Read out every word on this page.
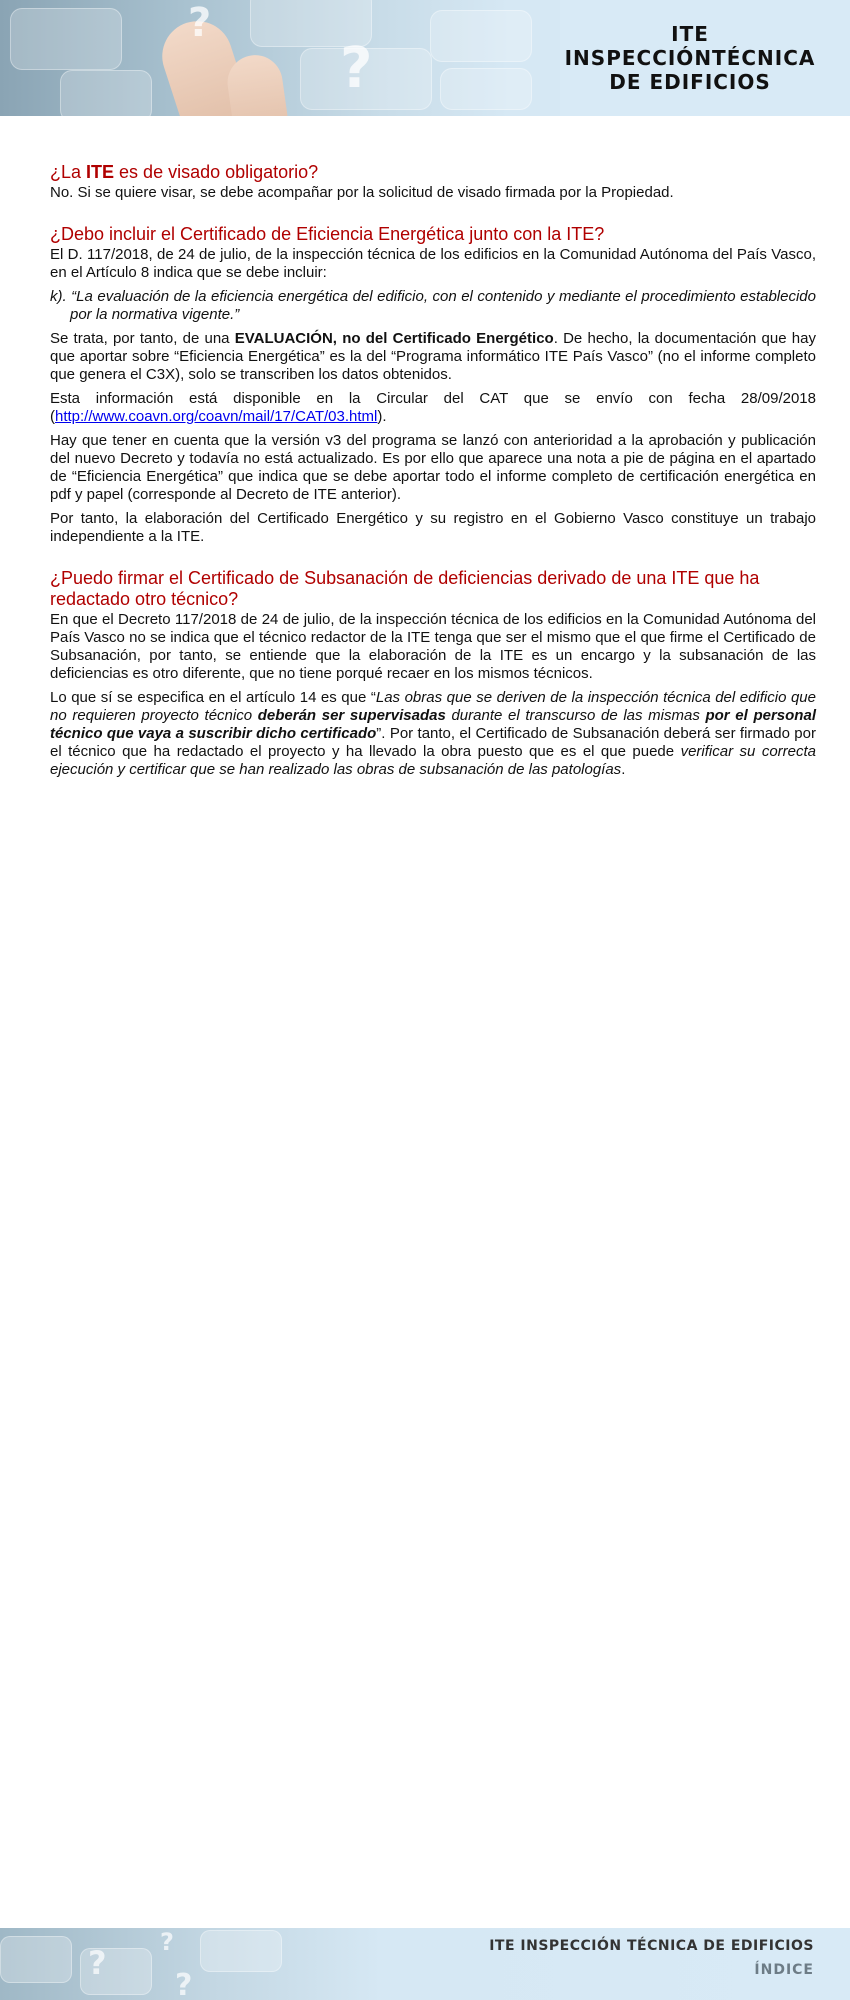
?
?
ITE
INSPECCIÓNTÉCNICA
DE EDIFICIOS
¿La ITE es de visado obligatorio?
No. Si se quiere visar, se debe acompañar por la solicitud de visado firmada por la Propiedad.
¿Debo incluir el Certificado de Eficiencia Energética junto con la ITE?
El D. 117/2018, de 24 de julio, de la inspección técnica de los edificios en la Comunidad Autónoma del País Vasco, en el Artículo 8 indica que se debe incluir:
k). “La evaluación de la eficiencia energética del edificio, con el contenido y mediante el procedimiento establecido por la normativa vigente.”
Se trata, por tanto, de una EVALUACIÓN, no del Certificado Energético. De hecho, la documentación que hay que aportar sobre “Eficiencia Energética” es la del “Programa informático ITE País Vasco” (no el informe completo que genera el C3X), solo se transcriben los datos obtenidos.
Esta información está disponible en la Circular del CAT que se envío con fecha 28/09/2018 (http://www.coavn.org/coavn/mail/17/CAT/03.html).
Hay que tener en cuenta que la versión v3 del programa se lanzó con anterioridad a la aprobación y publicación del nuevo Decreto y todavía no está actualizado. Es por ello que aparece una nota a pie de página en el apartado de “Eficiencia Energética” que indica que se debe aportar todo el informe completo de certificación energética en pdf y papel (corresponde al Decreto de ITE anterior).
Por tanto, la elaboración del Certificado Energético y su registro en el Gobierno Vasco constituye un trabajo independiente a la ITE.
¿Puedo firmar el Certificado de Subsanación de deficiencias derivado de una ITE que ha redactado otro técnico?
En que el Decreto 117/2018 de 24 de julio, de la inspección técnica de los edificios en la Comunidad Autónoma del País Vasco no se indica que el técnico redactor de la ITE tenga que ser el mismo que el que firme el Certificado de Subsanación, por tanto, se entiende que la elaboración de la ITE es un encargo y la subsanación de las deficiencias es otro diferente, que no tiene porqué recaer en los mismos técnicos.
Lo que sí se especifica en el artículo 14 es que “Las obras que se deriven de la inspección técnica del edificio que no requieren proyecto técnico deberán ser supervisadas durante el transcurso de las mismas por el personal técnico que vaya a suscribir dicho certificado”. Por tanto, el Certificado de Subsanación deberá ser firmado por el técnico que ha redactado el proyecto y ha llevado la obra puesto que es el que puede verificar su correcta ejecución y certificar que se han realizado las obras de subsanación de las patologías.
?
?
?
ITE INSPECCIÓN TÉCNICA DE EDIFICIOS
ÍNDICE
